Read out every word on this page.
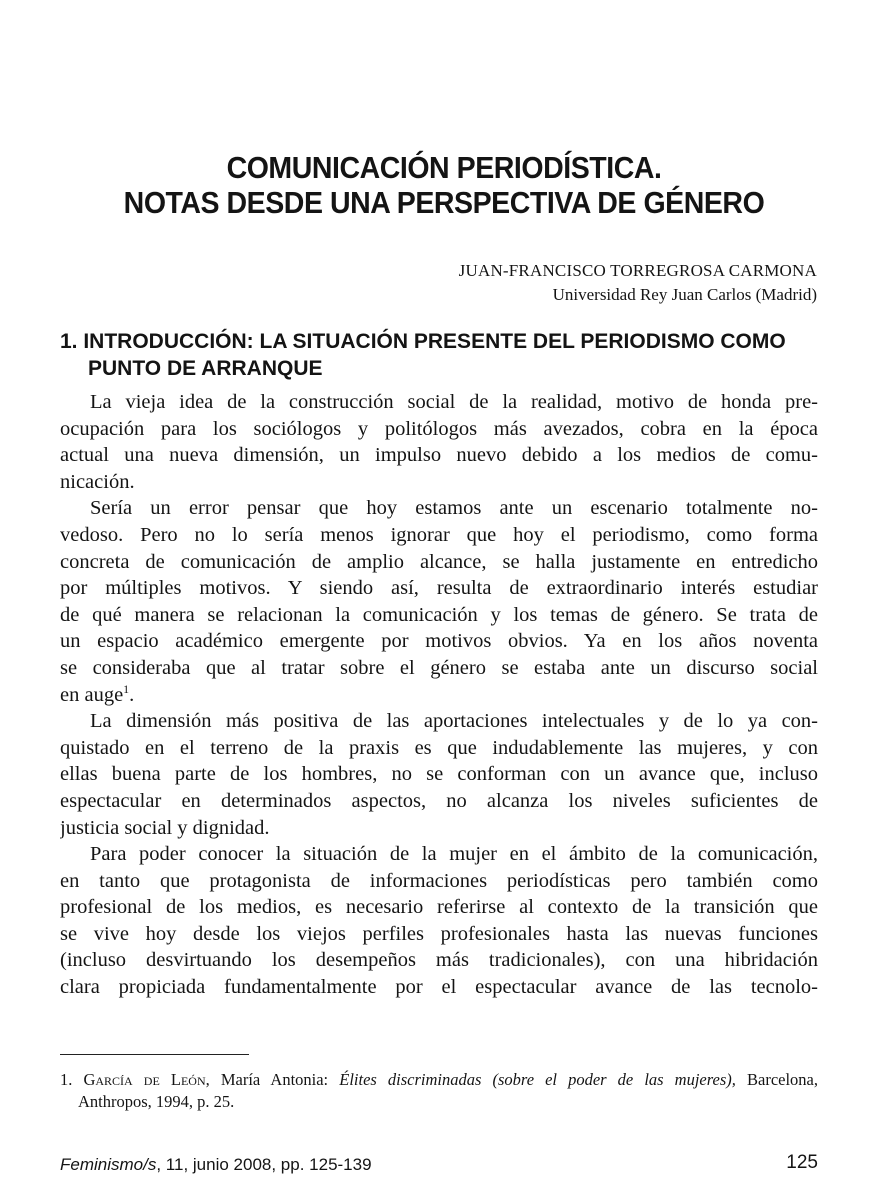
COMUNICACIÓN PERIODÍSTICA.
NOTAS DESDE UNA PERSPECTIVA DE GÉNERO
JUAN-FRANCISCO TORREGROSA CARMONA
Universidad Rey Juan Carlos (Madrid)
1. INTRODUCCIÓN: LA SITUACIÓN PRESENTE DEL PERIODISMO COMO
PUNTO DE ARRANQUE
La vieja idea de la construcción social de la realidad, motivo de honda pre-
ocupación para los sociólogos y politólogos más avezados, cobra en la época
actual una nueva dimensión, un impulso nuevo debido a los medios de comu-
nicación.
Sería un error pensar que hoy estamos ante un escenario totalmente no-
vedoso. Pero no lo sería menos ignorar que hoy el periodismo, como forma
concreta de comunicación de amplio alcance, se halla justamente en entredicho
por múltiples motivos. Y siendo así, resulta de extraordinario interés estudiar
de qué manera se relacionan la comunicación y los temas de género. Se trata de
un espacio académico emergente por motivos obvios. Ya en los años noventa
se consideraba que al tratar sobre el género se estaba ante un discurso social
en auge$^1$.
La dimensión más positiva de las aportaciones intelectuales y de lo ya con-
quistado en el terreno de la praxis es que indudablemente las mujeres, y con
ellas buena parte de los hombres, no se conforman con un avance que, incluso
espectacular en determinados aspectos, no alcanza los niveles suficientes de
justicia social y dignidad.
Para poder conocer la situación de la mujer en el ámbito de la comunicación,
en tanto que protagonista de informaciones periodísticas pero también como
profesional de los medios, es necesario referirse al contexto de la transición que
se vive hoy desde los viejos perfiles profesionales hasta las nuevas funciones
(incluso desvirtuando los desempeños más tradicionales), con una hibridación
clara propiciada fundamentalmente por el espectacular avance de las tecnolo-
1. García de León, María Antonia: Élites discriminadas (sobre el poder de las mujeres), Barcelona,
Anthropos, 1994, p. 25.
Feminismo/s, 11, junio 2008, pp. 125-139	125
